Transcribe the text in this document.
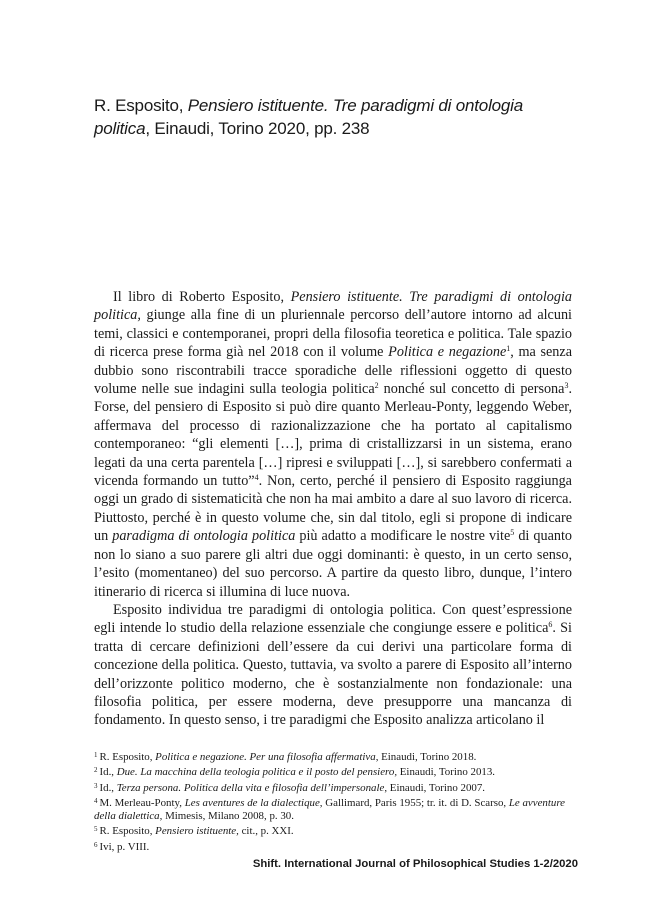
R. Esposito, Pensiero istituente. Tre paradigmi di ontologia politica, Einaudi, Torino 2020, pp. 238

Il libro di Roberto Esposito, Pensiero istituente. Tre paradigmi di ontologia politica, giunge alla fine di un pluriennale percorso dell’autore intorno ad alcuni temi, classici e contemporanei, propri della filosofia teoretica e politica. Tale spazio di ricerca prese forma già nel 2018 con il volume Politica e negazione$^1$, ma senza dubbio sono riscontrabili tracce sporadiche delle riflessioni oggetto di questo volume nelle sue indagini sulla teologia politica$^2$ nonché sul concetto di persona$^3$. Forse, del pensiero di Esposito si può dire quanto Merleau-Ponty, leggendo Weber, affermava del processo di razionalizzazione che ha portato al capitalismo contemporaneo: “gli elementi […], prima di cristallizzarsi in un sistema, erano legati da una certa parentela […] ripresi e sviluppati […], si sarebbero confermati a vicenda formando un tutto”$^4$. Non, certo, perché il pensiero di Esposito raggiunga oggi un grado di sistematicità che non ha mai ambito a dare al suo lavoro di ricerca. Piuttosto, perché è in questo volume che, sin dal titolo, egli si propone di indicare un paradigma di ontologia politica più adatto a modificare le nostre vite$^5$ di quanto non lo siano a suo parere gli altri due oggi dominanti: è questo, in un certo senso, l’esito (momentaneo) del suo percorso. A partire da questo libro, dunque, l’intero itinerario di ricerca si illumina di luce nuova.

Esposito individua tre paradigmi di ontologia politica. Con quest’espressione egli intende lo studio della relazione essenziale che congiunge essere e politica$^6$. Si tratta di cercare definizioni dell’essere da cui derivi una particolare forma di concezione della politica. Questo, tuttavia, va svolto a parere di Esposito all’interno dell’orizzonte politico moderno, che è sostanzialmente non fondazionale: una filosofia politica, per essere moderna, deve presupporre una mancanza di fondamento. In questo senso, i tre paradigmi che Esposito analizza articolano il

$^1$ R. Esposito, Politica e negazione. Per una filosofia affermativa, Einaudi, Torino 2018.

$^2$ Id., Due. La macchina della teologia politica e il posto del pensiero, Einaudi, Torino 2013.

$^3$ Id., Terza persona. Politica della vita e filosofia dell’impersonale, Einaudi, Torino 2007.

$^4$ M. Merleau-Ponty, Les aventures de la dialectique, Gallimard, Paris 1955; tr. it. di D. Scarso, Le avventure della dialettica, Mimesis, Milano 2008, p. 30.

$^5$ R. Esposito, Pensiero istituente, cit., p. XXI.

$^6$ Ivi, p. VIII.

Shift. International Journal of Philosophical Studies 1-2/2020
